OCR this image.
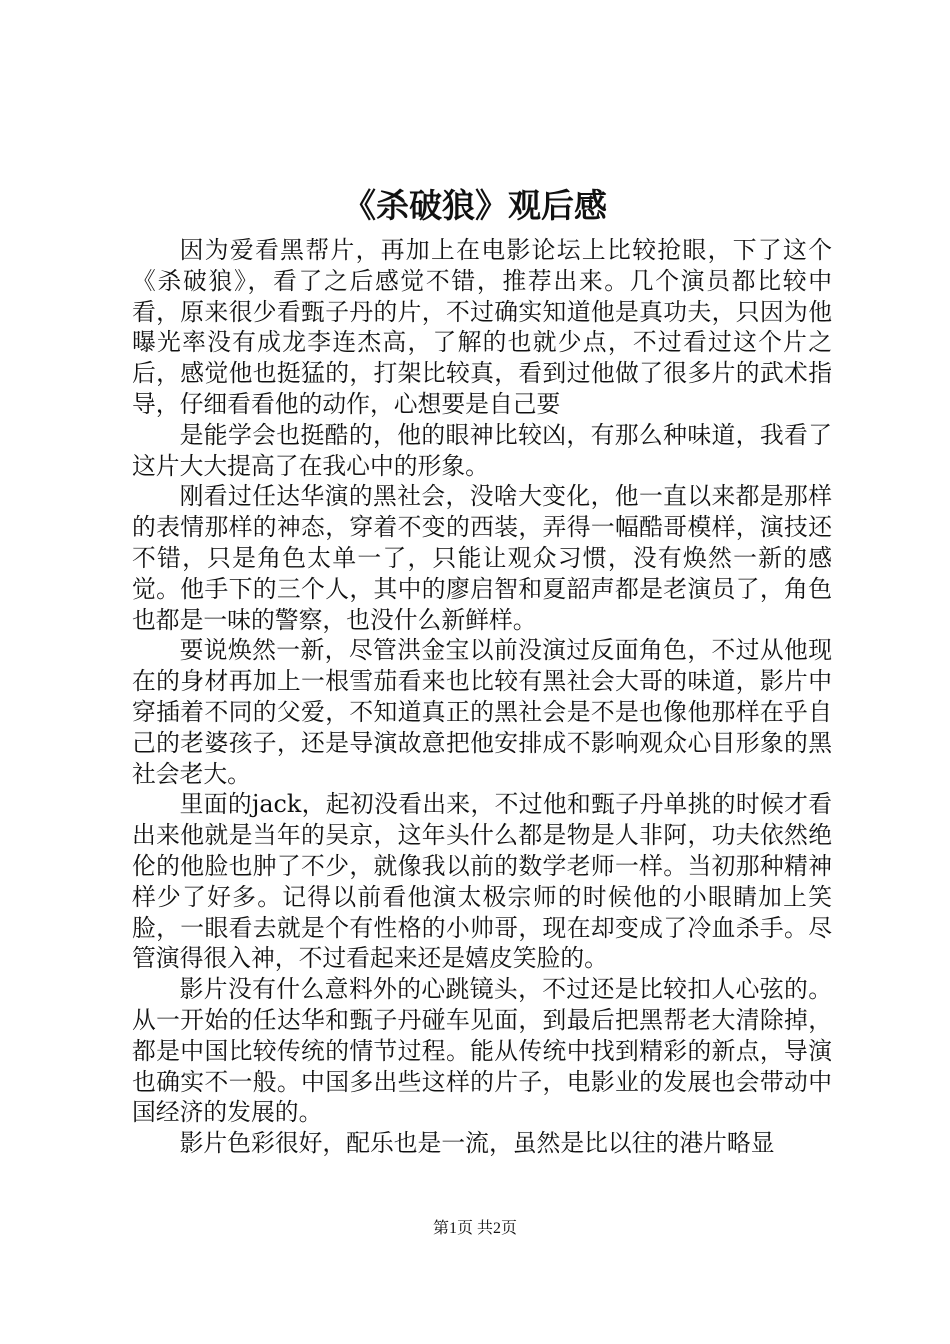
《杀破狼》观后感

因为爱看黑帮片，再加上在电影论坛上比较抢眼，下了这个《杀破狼》，看了之后感觉不错，推荐出来。几个演员都比较中看，原来很少看甄子丹的片，不过确实知道他是真功夫，只因为他曝光率没有成龙李连杰高，了解的也就少点，不过看过这个片之后，感觉他也挺猛的，打架比较真，看到过他做了很多片的武术指导，仔细看看他的动作，心想要是自己要

是能学会也挺酷的，他的眼神比较凶，有那么种味道，我看了这片大大提高了在我心中的形象。

刚看过任达华演的黑社会，没啥大变化，他一直以来都是那样的表情那样的神态，穿着不变的西装，弄得一幅酷哥模样，演技还不错，只是角色太单一了，只能让观众习惯，没有焕然一新的感觉。他手下的三个人，其中的廖启智和夏韶声都是老演员了，角色也都是一味的警察，也没什么新鲜样。

要说焕然一新，尽管洪金宝以前没演过反面角色，不过从他现在的身材再加上一根雪茄看来也比较有黑社会大哥的味道，影片中穿插着不同的父爱，不知道真正的黑社会是不是也像他那样在乎自己的老婆孩子，还是导演故意把他安排成不影响观众心目形象的黑社会老大。

里面的jack，起初没看出来，不过他和甄子丹单挑的时候才看出来他就是当年的吴京，这年头什么都是物是人非阿，功夫依然绝伦的他脸也肿了不少，就像我以前的数学老师一样。当初那种精神样少了好多。记得以前看他演太极宗师的时候他的小眼睛加上笑脸，一眼看去就是个有性格的小帅哥，现在却变成了冷血杀手。尽管演得很入神，不过看起来还是嬉皮笑脸的。

影片没有什么意料外的心跳镜头，不过还是比较扣人心弦的。从一开始的任达华和甄子丹碰车见面，到最后把黑帮老大清除掉，都是中国比较传统的情节过程。能从传统中找到精彩的新点，导演也确实不一般。中国多出些这样的片子，电影业的发展也会带动中国经济的发展的。

影片色彩很好，配乐也是一流，虽然是比以往的港片略显

第1页 共2页
